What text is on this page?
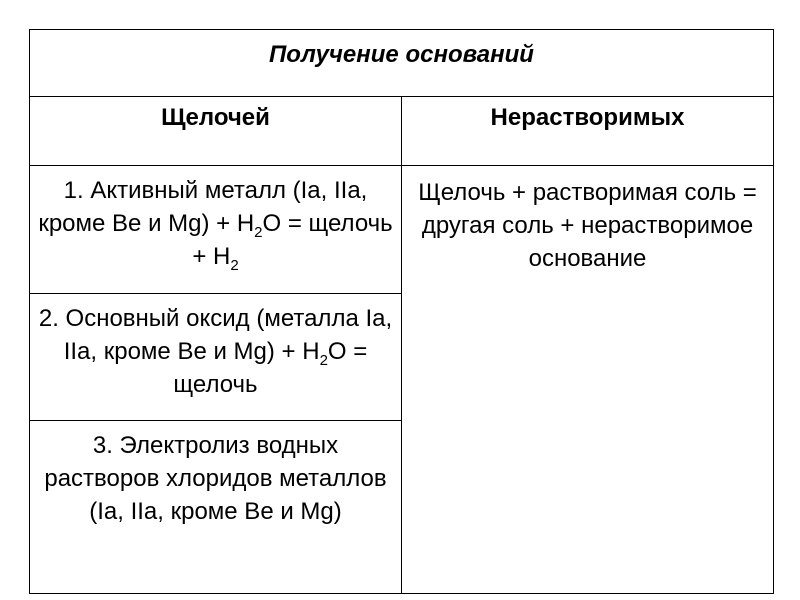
Получение оснований	
Щелочей	Нерастворимых
1. Активный металл (Ia, IIa, кроме Be и $Mg) + H_2O$ = щелочь + $H_2$	Щелочь + растворимая соль = другая соль + нерастворимое основание
2. Основный оксид (металла Ia, IIa, кроме Be и $Mg) + H_2O$ = щелочь	
3. Электролиз водных растворов хлоридов металлов (Ia, IIa, кроме Be и Mg)	
